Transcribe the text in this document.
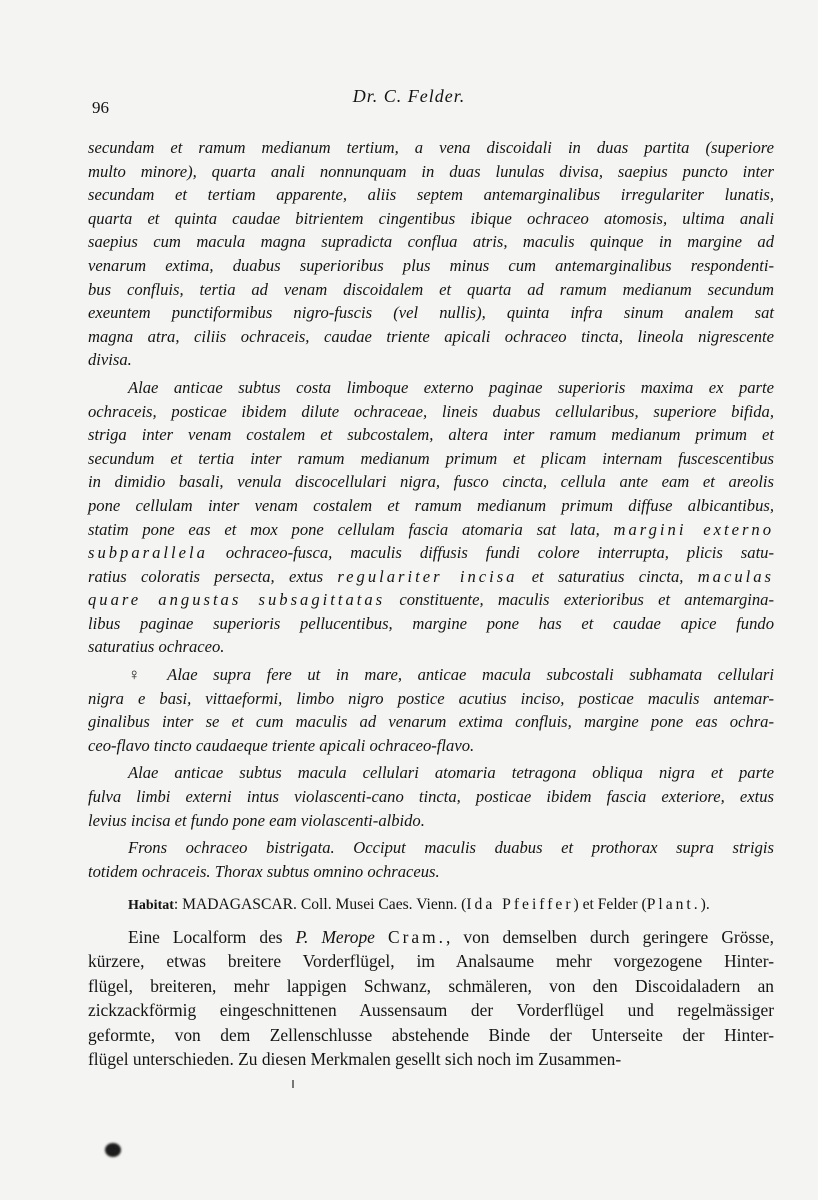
96
Dr. C. Felder.
secundam et ramum medianum tertium, a vena discoidali in duas partita (superiore
multo minore), quarta anali nonnunquam in duas lunulas divisa, saepius puncto inter
secundam et tertiam apparente, aliis septem antemarginalibus irregulariter lunatis,
quarta et quinta caudae bitrientem cingentibus ibique ochraceo atomosis, ultima anali
saepius cum macula magna supradicta conflua atris, maculis quinque in margine ad
venarum extima, duabus superioribus plus minus cum antemarginalibus respondenti-
bus confluis, tertia ad venam discoidalem et quarta ad ramum medianum secundum
exeuntem punctiformibus nigro-fuscis (vel nullis), quinta infra sinum analem sat
magna atra, ciliis ochraceis, caudae triente apicali ochraceo tincta, lineola nigrescente
divisa.
Alae anticae subtus costa limboque externo paginae superioris maxima ex parte
ochraceis, posticae ibidem dilute ochraceae, lineis duabus cellularibus, superiore bifida,
striga inter venam costalem et subcostalem, altera inter ramum medianum primum et
secundum et tertia inter ramum medianum primum et plicam internam fuscescentibus
in dimidio basali, venula discocellulari nigra, fusco cincta, cellula ante eam et areolis
pone cellulam inter venam costalem et ramum medianum primum diffuse albicantibus,
statim pone eas et mox pone cellulam fascia atomaria sat lata, margini externo
subparallela ochraceo-fusca, maculis diffusis fundi colore interrupta, plicis satu-
ratius coloratis persecta, extus regulariter incisa et saturatius cincta, maculas
quare angustas subsagittatas constituente, maculis exterioribus et antemargina-
libus paginae superioris pellucentibus, margine pone has et caudae apice fundo
saturatius ochraceo.
♀ Alae supra fere ut in mare, anticae macula subcostali subhamata cellulari
nigra e basi, vittaeformi, limbo nigro postice acutius inciso, posticae maculis antemar-
ginalibus inter se et cum maculis ad venarum extima confluis, margine pone eas ochra-
ceo-flavo tincto caudaeque triente apicali ochraceo-flavo.
Alae anticae subtus macula cellulari atomaria tetragona obliqua nigra et parte
fulva limbi externi intus violascenti-cano tincta, posticae ibidem fascia exteriore, extus
levius incisa et fundo pone eam violascenti-albido.
Frons ochraceo bistrigata. Occiput maculis duabus et prothorax supra strigis
totidem ochraceis. Thorax subtus omnino ochraceus.
Habitat: MADAGASCAR. Coll. Musei Caes. Vienn. (Ida Pfeiffer) et Felder (Plant.).
Eine Localform des P. Merope Cram., von demselben durch geringere Grösse,
kürzere, etwas breitere Vorderflügel, im Analsaume mehr vorgezogene Hinter-
flügel, breiteren, mehr lappigen Schwanz, schmäleren, von den Discoidaladern an
zickzackförmig eingeschnittenen Aussensaum der Vorderflügel und regelmässiger
geformte, von dem Zellenschlusse abstehende Binde der Unterseite der Hinter-
flügel unterschieden. Zu diesen Merkmalen gesellt sich noch im Zusammen-
